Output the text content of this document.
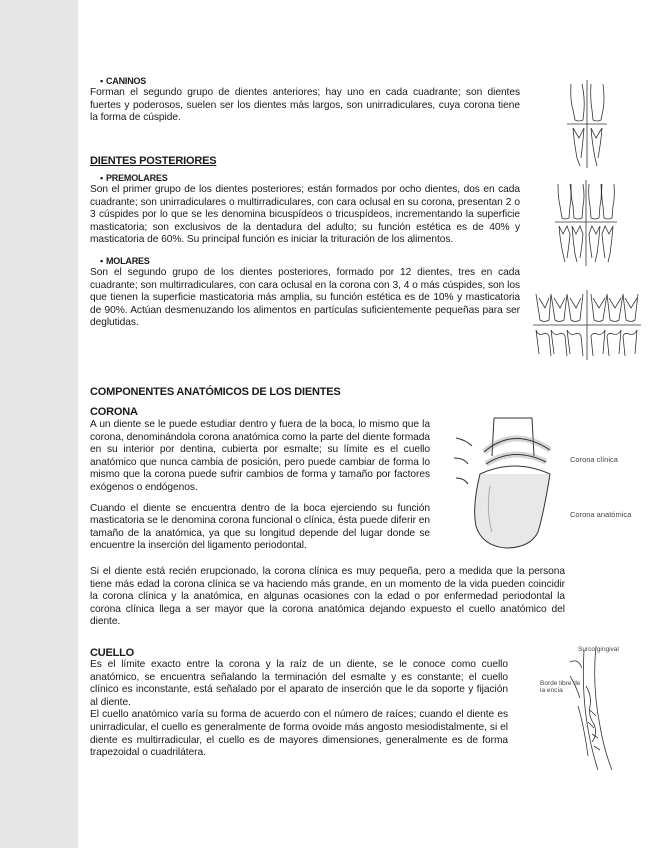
▪ CANINOS

Forman el segundo grupo de dientes anteriores; hay uno en cada cuadrante; son dientes fuertes y poderosos, suelen ser los dientes más largos, son unirradiculares, cuya corona tiene la forma de cúspide.

DIENTES POSTERIORES

▪ PREMOLARES

Son el primer grupo de los dientes posteriores; están formados por ocho dientes, dos en cada cuadrante; son unirradiculares o multirradiculares, con cara oclusal en su corona, presentan 2 o 3 cúspides por lo que se les denomina bicuspídeos o tricuspídeos, incrementando la superficie masticatoria; son exclusivos de la dentadura del adulto; su función estética es de 40% y masticatoria de 60%. Su principal función es iniciar la trituración de los alimentos.

▪ MOLARES

Son el segundo grupo de los dientes posteriores, formado por 12 dientes, tres en cada cuadrante; son multirradiculares, con cara oclusal en la corona con 3, 4 o más cúspides, son los que tienen la superficie masticatoria más amplia, su función estética es de 10% y masticatoria de 90%. Actúan desmenuzando los alimentos en partículas suficientemente pequeñas para ser deglutidas.

COMPONENTES ANATÓMICOS DE LOS DIENTES

CORONA

A un diente se le puede estudiar dentro y fuera de la boca, lo mismo que la corona, denominándola corona anatómica como la parte del diente formada en su interior por dentina, cubierta por esmalte; su límite es el cuello anatómico que nunca cambia de posición, pero puede cambiar de forma lo mismo que la corona puede sufrir cambios de forma y tamaño por factores exógenos o endógenos.

Cuando el diente se encuentra dentro de la boca ejerciendo su función masticatoria se le denomina corona funcional o clínica, ésta puede diferir en tamaño de la anatómica, ya que su longitud depende del lugar donde se encuentre la inserción del ligamento periodontal.

Corona clínica
Corona anatómica

Si el diente está recién erupcionado, la corona clínica es muy pequeña, pero a medida que la persona tiene más edad la corona clínica se va haciendo más grande, en un momento de la vida pueden coincidir la corona clínica y la anatómica, en algunas ocasiones con la edad o por enfermedad periodontal la corona clínica llega a ser mayor que la corona anatómica dejando expuesto el cuello anatómico del diente.

CUELLO

Es el límite exacto entre la corona y la raíz de un diente, se le conoce como cuello anatómico, se encuentra señalando la terminación del esmalte y es constante; el cuello clínico es inconstante, está señalado por el aparato de inserción que le da soporte y fijación al diente.

El cuello anatómico varía su forma de acuerdo con el número de raíces; cuando el diente es unirradicular, el cuello es generalmente de forma ovoide más angosto mesiodistalmente, si el diente es multirradicular, el cuello es de mayores dimensiones, generalmente es de forma trapezoidal o cuadrilátera.

Surco gingival
Borde libre de la encía
